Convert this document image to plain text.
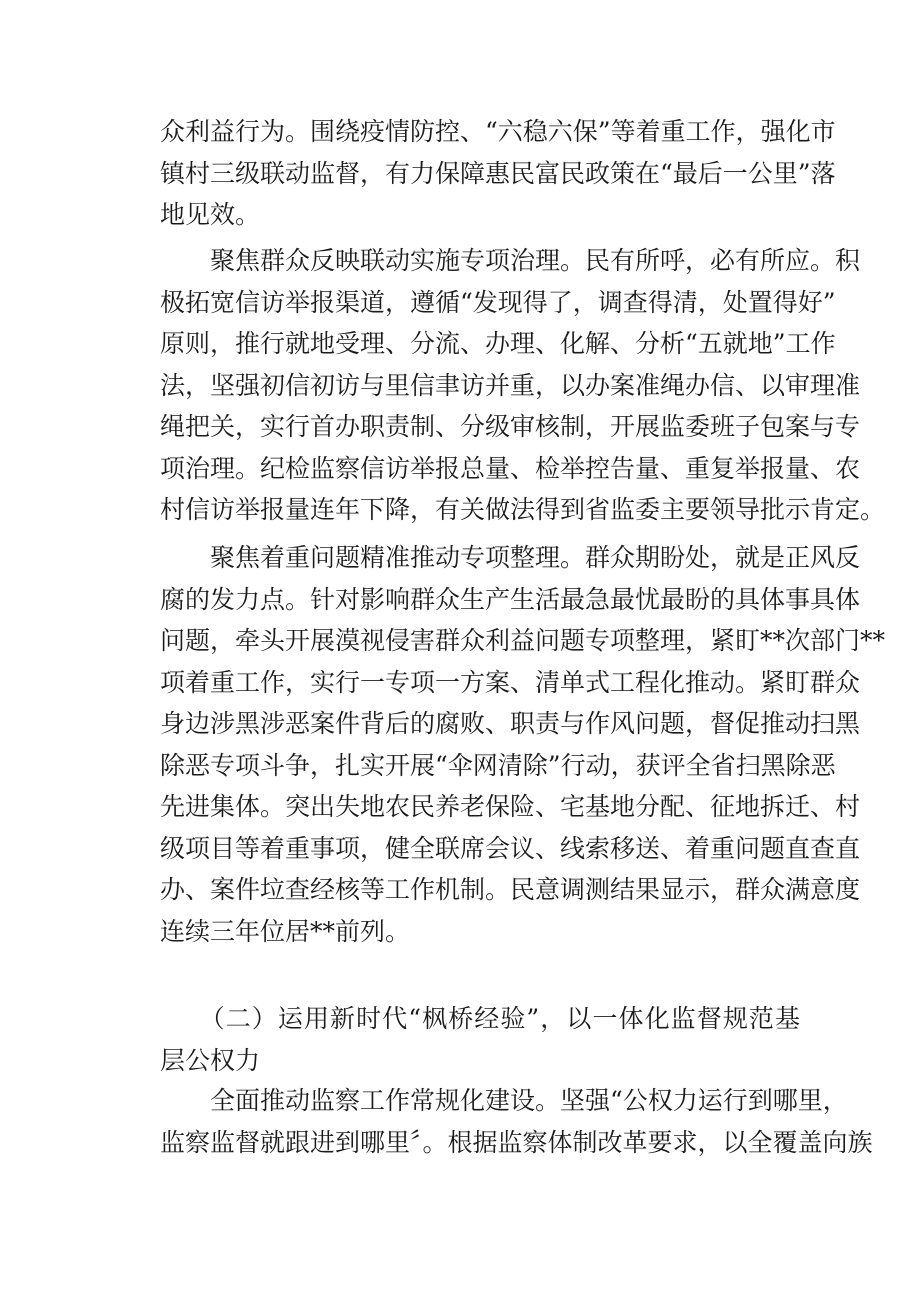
众利益行为。围绕疫情防控、“六稳六保”等着重工作，强化市
镇村三级联动监督，有力保障惠民富民政策在“最后一公里”落
地见效。
　　聚焦群众反映联动实施专项治理。民有所呼，必有所应。积
极拓宽信访举报渠道，遵循“发现得了，调查得清，处置得好”
原则，推行就地受理、分流、办理、化解、分析“五就地”工作
法，坚强初信初访与里信聿访并重，以办案准绳办信、以审理准
绳把关，实行首办职责制、分级审核制，开展监委班子包案与专
项治理。纪检监察信访举报总量、检举控告量、重复举报量、农
村信访举报量连年下降，有关做法得到省监委主要领导批示肯定。
　　聚焦着重问题精准推动专项整理。群众期盼处，就是正风反
腐的发力点。针对影响群众生产生活最急最忧最盼的具体事具体
问题，牵头开展漠视侵害群众利益问题专项整理，紧盯**次部门**
项着重工作，实行一专项一方案、清单式工程化推动。紧盯群众
身边涉黑涉恶案件背后的腐败、职责与作风问题，督促推动扫黑
除恶专项斗争，扎实开展“伞网清除”行动，获评全省扫黑除恶
先进集体。突出失地农民养老保险、宅基地分配、征地拆迁、村
级项目等着重事项，健全联席会议、线索移送、着重问题直查直
办、案件垃查经核等工作机制。民意调测结果显示，群众满意度
连续三年位居**前列。
　　（二）运用新时代“枫桥经验”，以一体化监督规范基
层公权力
　　全面推动监察工作常规化建设。坚强“公权力运行到哪里，
监察监督就跟进到哪里〞。根据监察体制改革要求，以全覆盖向族
